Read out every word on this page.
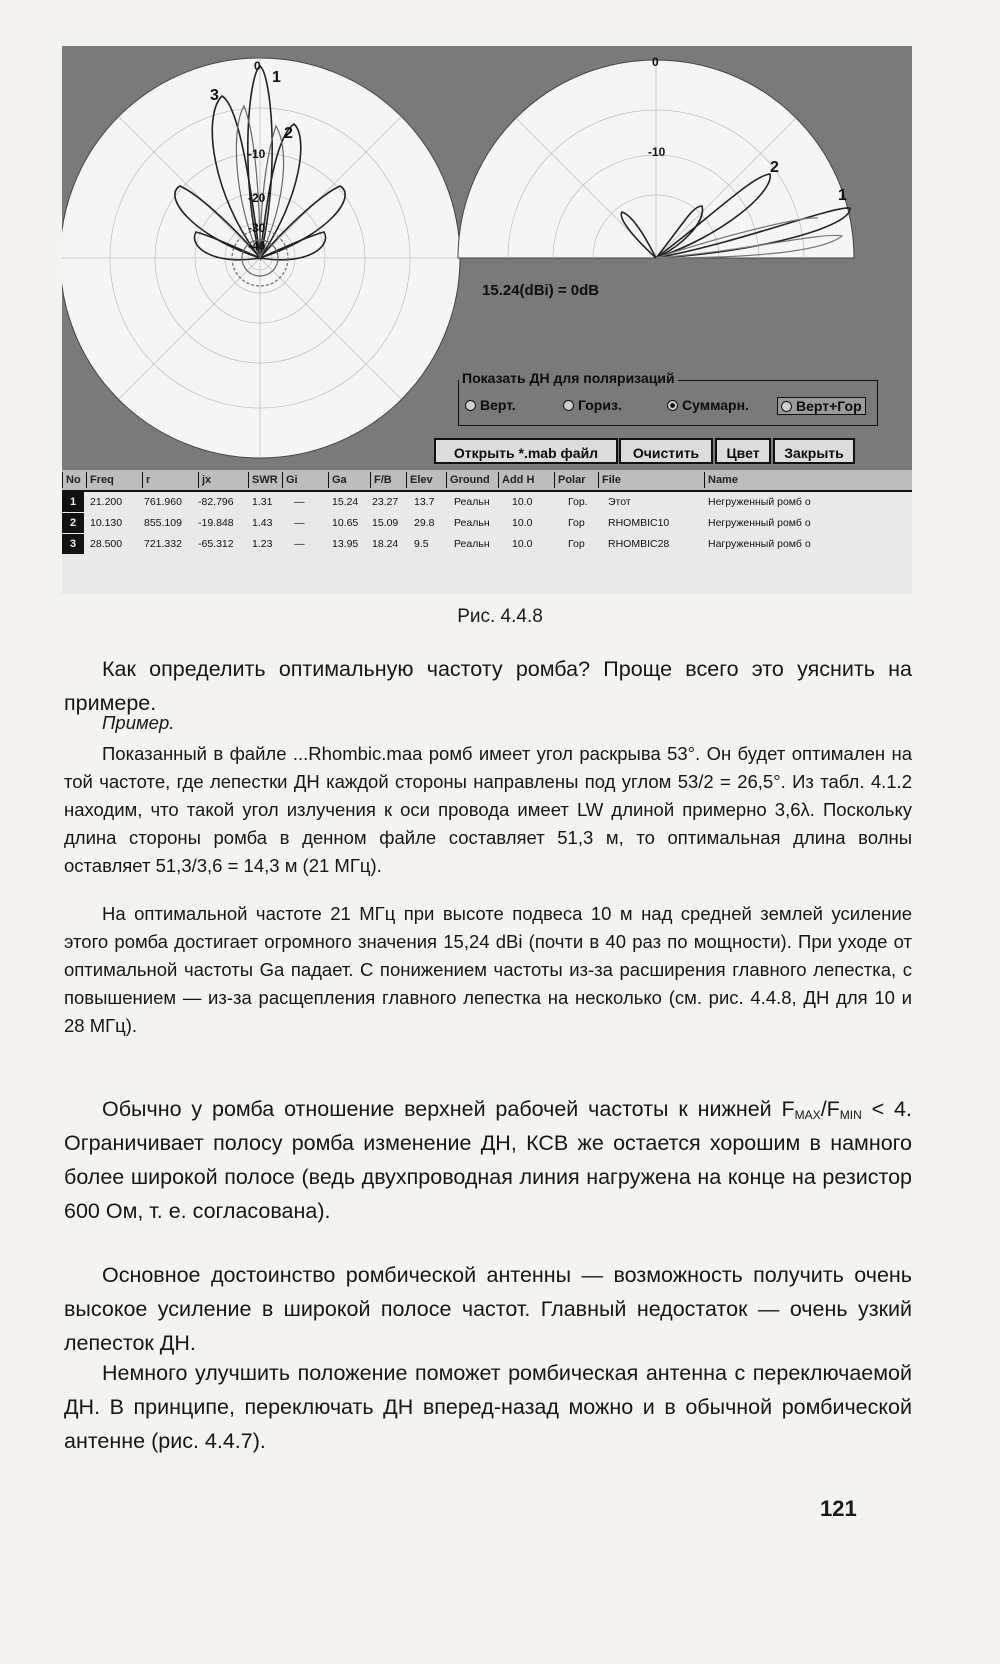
0
-10
-20
-30
-40
1
2
3
0
-10
1
2
15.24(dBi) = 0dB
Показать ДН для поляризаций
Верт.	Гориз.	Суммарн.	Верт+Гор
Открыть *.mab файл	Очистить	Цвет	Закрыть
No Freq	r	jx	SWR Gi	Ga	F/B	Elev	Ground	Add H	Polar	File	Name
1	21.200 761.960 -82.796 1.31 —	15.24 23.27 13.7 Реальн 10.0	Гор. Этот	Негруженный ромб о
2	10.130 855.109 -19.848 1.43 —	10.65 15.09 29.8 Реальн 10.0	Гор RHOMBIC10	Негруженный ромб о
3	28.500 721.332 -65.312 1.23 —	13.95 18.24 9.5 Реальн 10.0	Гор RHOMBIC28	Нагруженный ромб о
Рис. 4.4.8

Как определить оптимальную частоту ромба? Проще всего это уяснить на примере.

Пример.

Показанный в файле ...Rhombic.maa ромб имеет угол раскрыва 53°. Он будет оптимален на той частоте, где лепестки ДН каждой стороны направлены под углом 53/2 = 26,5°. Из табл. 4.1.2 находим, что такой угол излучения к оси провода имеет LW длиной примерно 3,6λ. Поскольку длина стороны ромба в денном файле составляет 51,3 м, то оптимальная длина волны оставляет 51,3/3,6 = 14,3 м (21 МГц).

На оптимальной частоте 21 МГц при высоте подвеса 10 м над средней землей усиление этого ромба достигает огромного значения 15,24 dBi (почти в 40 раз по мощности). При уходе от оптимальной частоты Ga падает. С понижением частоты из-за расширения главного лепестка, с повышением — из-за расщепления главного лепестка на несколько (см. рис. 4.4.8, ДН для 10 и 28 МГц).

Обычно у ромба отношение верхней рабочей частоты к нижней $F_{MAX}/F_{MIN} < 4$. Ограничивает полосу ромба изменение ДН, КСВ же остается хорошим в намного более широкой полосе (ведь двухпроводная линия нагружена на конце на резистор 600 Ом, т. е. согласована).

Основное достоинство ромбической антенны — возможность получить очень высокое усиление в широкой полосе частот. Главный недостаток — очень узкий лепесток ДН.

Немного улучшить положение поможет ромбическая антенна с переключаемой ДН. В принципе, переключать ДН вперед-назад можно и в обычной ромбической антенне (рис. 4.4.7).

121
